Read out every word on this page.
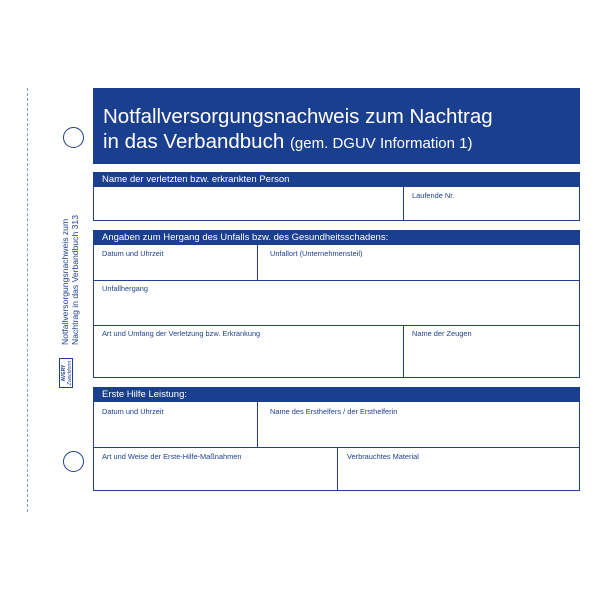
Notfallversorgungsnachweis zum Nachtrag in das Verbandbuch 313
AVERY Zweckform
Notfallversorgungsnachweis zum Nachtrag
in das Verbandbuch (gem. DGUV Information 1)
Name der verletzten bzw. erkrankten Person
Laufende Nr.
Angaben zum Hergang des Unfalls bzw. des Gesundheitsschadens:
Datum und Uhrzeit	Unfallort (Unternehmensteil)
Unfallhergang
Art und Umfang der Verletzung bzw. Erkrankung	Name der Zeugen
Erste Hilfe Leistung:
Datum und Uhrzeit	Name des Ersthelfers / der Ersthelferin
Art und Weise der Erste-Hilfe-Maßnahmen	Verbrauchtes Material
